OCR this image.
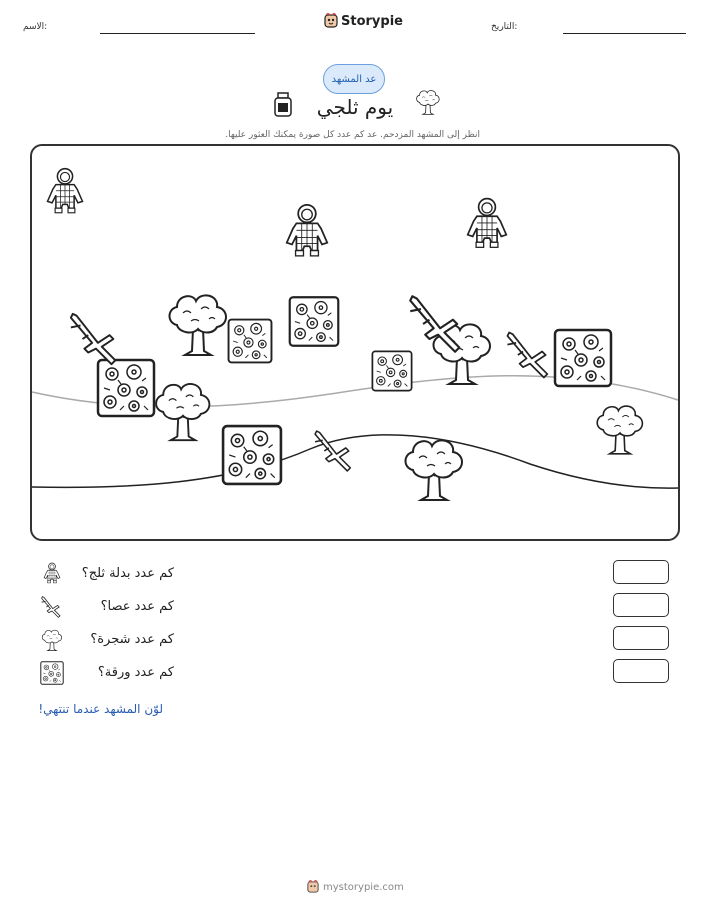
الاسم:	Storypie	التاريخ:
عد المشهد
يوم ثلجي
انظر إلى المشهد المزدحم. عد كم عدد كل صورة يمكنك العثور عليها.
كم عدد بدلة ثلج؟
كم عدد عصا؟
كم عدد شجرة؟
كم عدد ورقة؟
لوّن المشهد عندما تنتهي!
mystorypie.com
